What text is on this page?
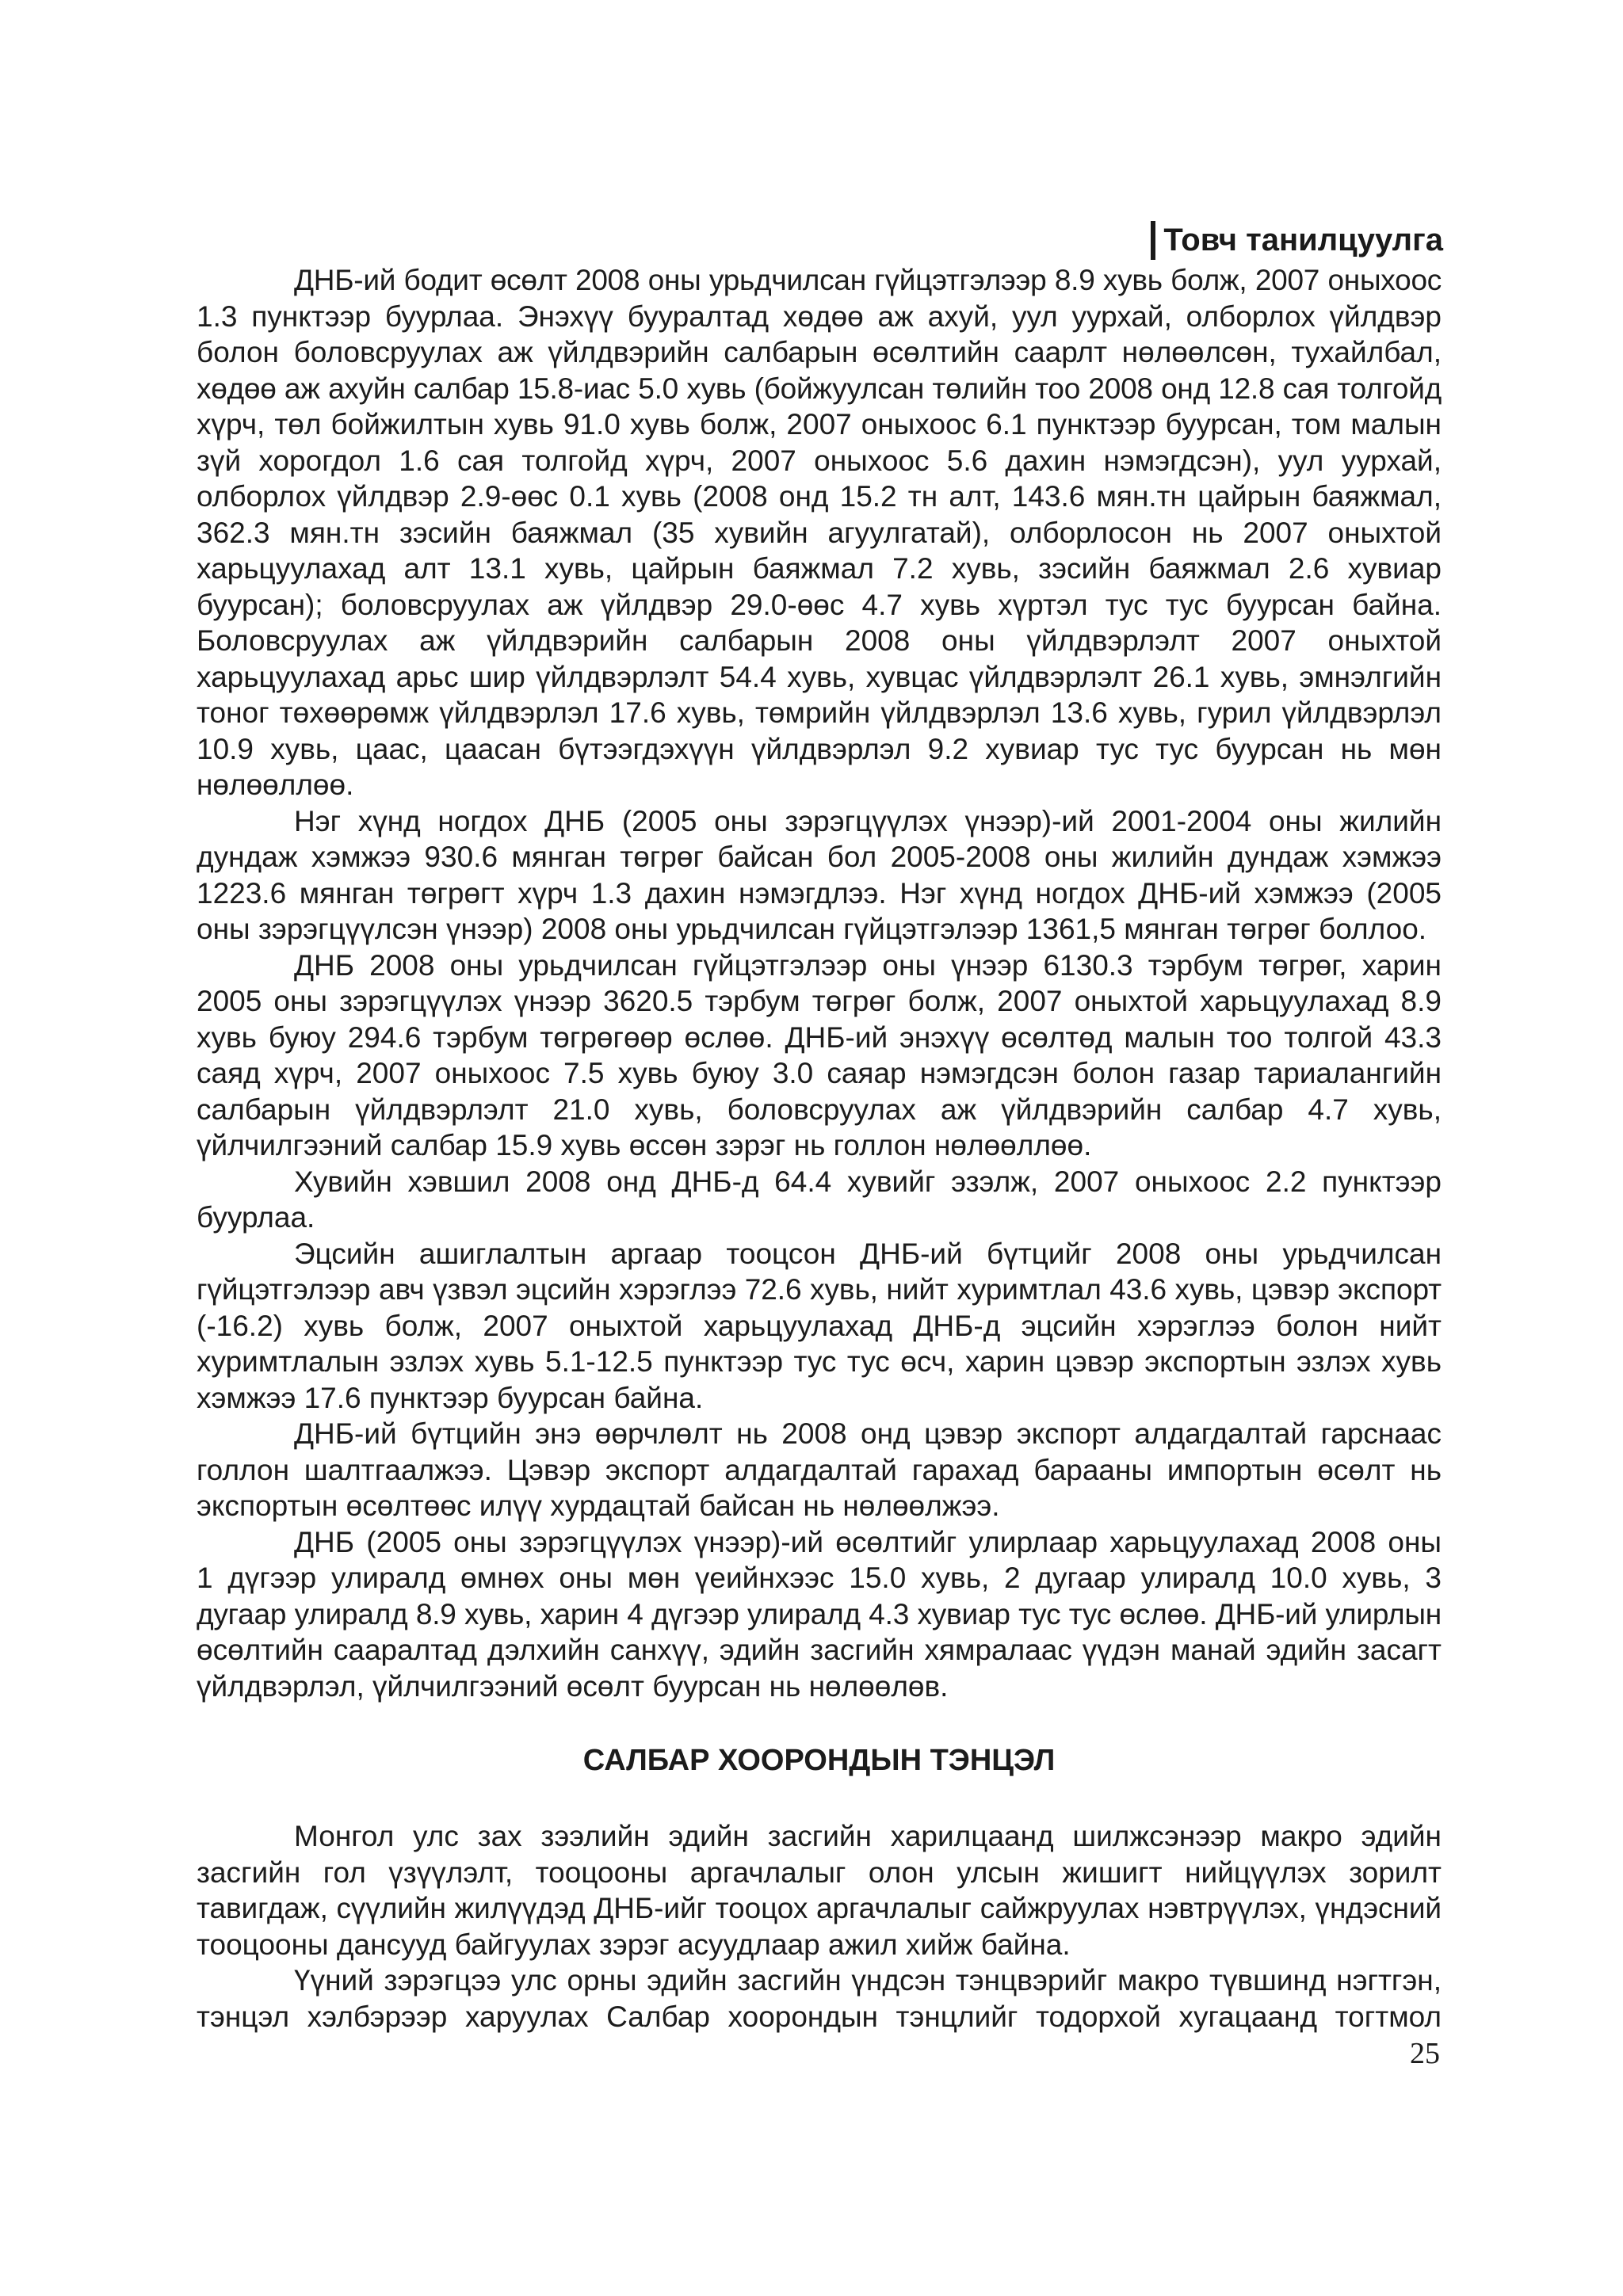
Товч танилцуулга
ДНБ-ий бодит өсөлт 2008 оны урьдчилсан гүйцэтгэлээр 8.9 хувь болж, 2007 оныхоос
1.3 пунктээр буурлаа. Энэхүү бууралтад хөдөө аж ахуй, уул уурхай, олборлох үйлдвэр
болон боловсруулах аж үйлдвэрийн салбарын өсөлтийн саарлт нөлөөлсөн, тухайлбал,
хөдөө аж ахуйн салбар 15.8-иас 5.0 хувь (бойжуулсан төлийн тоо 2008 онд 12.8 сая толгойд
хүрч, төл бойжилтын хувь 91.0 хувь болж, 2007 оныхоос 6.1 пунктээр буурсан, том малын
зүй хорогдол 1.6 сая толгойд хүрч, 2007 оныхоос 5.6 дахин нэмэгдсэн), уул уурхай,
олборлох үйлдвэр 2.9-өөс 0.1 хувь (2008 онд 15.2 тн алт, 143.6 мян.тн цайрын баяжмал,
362.3 мян.тн зэсийн баяжмал (35 хувийн агуулгатай), олборлосон нь 2007 оныхтой
харьцуулахад алт 13.1 хувь, цайрын баяжмал 7.2 хувь, зэсийн баяжмал 2.6 хувиар
буурсан); боловсруулах аж үйлдвэр 29.0-өөс 4.7 хувь хүртэл тус тус буурсан байна.
Боловсруулах аж үйлдвэрийн салбарын 2008 оны үйлдвэрлэлт 2007 оныхтой
харьцуулахад арьс шир үйлдвэрлэлт 54.4 хувь, хувцас үйлдвэрлэлт 26.1 хувь, эмнэлгийн
тоног төхөөрөмж үйлдвэрлэл 17.6 хувь, төмрийн үйлдвэрлэл 13.6 хувь, гурил үйлдвэрлэл
10.9 хувь, цаас, цаасан бүтээгдэхүүн үйлдвэрлэл 9.2 хувиар тус тус буурсан нь мөн
нөлөөллөө.
Нэг хүнд ногдох ДНБ (2005 оны зэрэгцүүлэх үнээр)-ий 2001-2004 оны жилийн
дундаж хэмжээ 930.6 мянган төгрөг байсан бол 2005-2008 оны жилийн дундаж хэмжээ
1223.6 мянган төгрөгт хүрч 1.3 дахин нэмэгдлээ. Нэг хүнд ногдох ДНБ-ий хэмжээ (2005
оны зэрэгцүүлсэн үнээр) 2008 оны урьдчилсан гүйцэтгэлээр 1361,5 мянган төгрөг боллоо.
ДНБ 2008 оны урьдчилсан гүйцэтгэлээр оны үнээр 6130.3 тэрбум төгрөг, харин
2005 оны зэрэгцүүлэх үнээр 3620.5 тэрбум төгрөг болж, 2007 оныхтой харьцуулахад 8.9
хувь буюу 294.6 тэрбум төгрөгөөр өслөө. ДНБ-ий энэхүү өсөлтөд малын тоо толгой 43.3
саяд хүрч, 2007 оныхоос 7.5 хувь буюу 3.0 саяар нэмэгдсэн болон газар тариалангийн
салбарын үйлдвэрлэлт 21.0 хувь, боловсруулах аж үйлдвэрийн салбар 4.7 хувь,
үйлчилгээний салбар 15.9 хувь өссөн зэрэг нь голлон нөлөөллөө.
Хувийн хэвшил 2008 онд ДНБ-д 64.4 хувийг эзэлж, 2007 оныхоос 2.2 пунктээр
буурлаа.
Эцсийн ашиглалтын аргаар тооцсон ДНБ-ий бүтцийг 2008 оны урьдчилсан
гүйцэтгэлээр авч үзвэл эцсийн хэрэглээ 72.6 хувь, нийт хуримтлал 43.6 хувь, цэвэр экспорт
(-16.2) хувь болж, 2007 оныхтой харьцуулахад ДНБ-д эцсийн хэрэглээ болон нийт
хуримтлалын эзлэх хувь 5.1-12.5 пунктээр тус тус өсч, харин цэвэр экспортын эзлэх хувь
хэмжээ 17.6 пунктээр буурсан байна.
ДНБ-ий бүтцийн энэ өөрчлөлт нь 2008 онд цэвэр экспорт алдагдалтай гарснаас
голлон шалтгаалжээ. Цэвэр экспорт алдагдалтай гарахад барааны импортын өсөлт нь
экспортын өсөлтөөс илүү хурдацтай байсан нь нөлөөлжээ.
ДНБ (2005 оны зэрэгцүүлэх үнээр)-ий өсөлтийг улирлаар харьцуулахад 2008 оны
1 дүгээр улиралд өмнөх оны мөн үеийнхээс 15.0 хувь, 2 дугаар улиралд 10.0 хувь, 3
дугаар улиралд 8.9 хувь, харин 4 дүгээр улиралд 4.3 хувиар тус тус өслөө. ДНБ-ий улирлын
өсөлтийн сааралтад дэлхийн санхүү, эдийн засгийн хямралаас үүдэн манай эдийн засагт
үйлдвэрлэл, үйлчилгээний өсөлт буурсан нь нөлөөлөв.
САЛБАР ХООРОНДЫН ТЭНЦЭЛ
Монгол улс зах зээлийн эдийн засгийн харилцаанд шилжсэнээр макро эдийн
засгийн гол үзүүлэлт, тооцооны аргачлалыг олон улсын жишигт нийцүүлэх зорилт
тавигдаж, сүүлийн жилүүдэд ДНБ-ийг тооцох аргачлалыг сайжруулах нэвтрүүлэх, үндэсний
тооцооны дансууд байгуулах зэрэг асуудлаар ажил хийж байна.
Үүний зэрэгцээ улс орны эдийн засгийн үндсэн тэнцвэрийг макро түвшинд нэгтгэн,
тэнцэл хэлбэрээр харуулах Салбар хоорондын тэнцлийг тодорхой хугацаанд тогтмол
25
